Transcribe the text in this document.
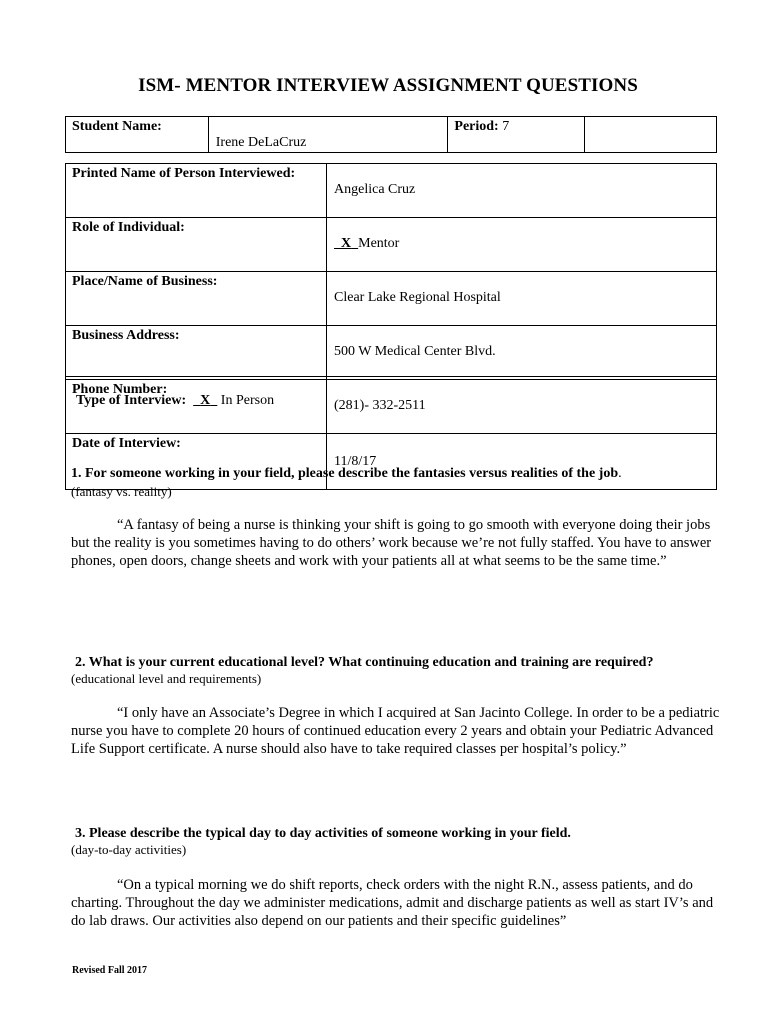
ISM- MENTOR INTERVIEW ASSIGNMENT QUESTIONS
Student Name:	Irene DeLaCruz	Period: 7	
Printed Name of Person Interviewed:	Angelica Cruz
Role of Individual:	X Mentor
Place/Name of Business:	Clear Lake Regional Hospital
Business Address:	500 W Medical Center Blvd.
Phone Number:	(281)- 332-2511
Date of Interview:	11/8/17
Type of Interview: X In Person
1. For someone working in your field, please describe the fantasies versus realities of the job.
(fantasy vs. reality)
“A fantasy of being a nurse is thinking your shift is going to go smooth with everyone doing their jobs but the reality is you sometimes having to do others’ work because we’re not fully staffed. You have to answer phones, open doors, change sheets and work with your patients all at what seems to be the same time.”
2. What is your current educational level? What continuing education and training are required?
(educational level and requirements)
“I only have an Associate’s Degree in which I acquired at San Jacinto College. In order to be a pediatric nurse you have to complete 20 hours of continued education every 2 years and obtain your Pediatric Advanced Life Support certificate. A nurse should also have to take required classes per hospital’s policy.”
3. Please describe the typical day to day activities of someone working in your field.
(day-to-day activities)
“On a typical morning we do shift reports, check orders with the night R.N., assess patients, and do charting. Throughout the day we administer medications, admit and discharge patients as well as start IV’s and do lab draws. Our activities also depend on our patients and their specific guidelines”
Revised Fall 2017
